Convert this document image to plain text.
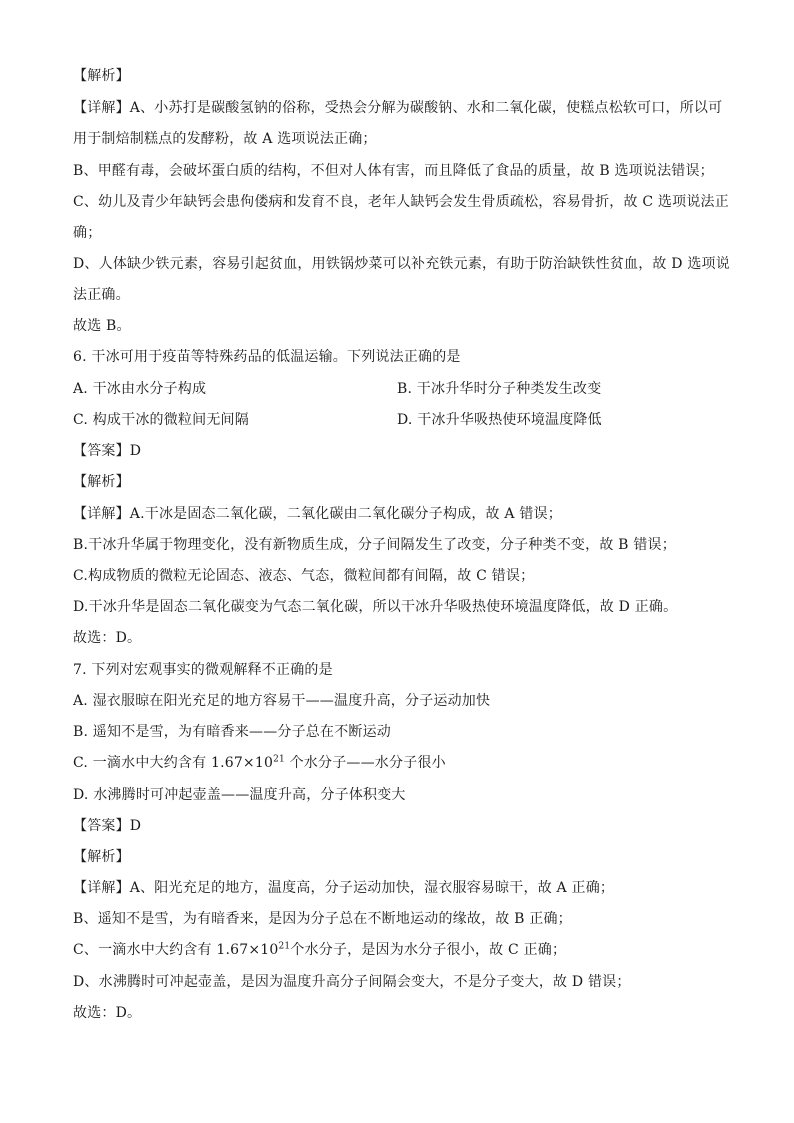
【解析】
【详解】A、小苏打是碳酸氢钠的俗称，受热会分解为碳酸钠、水和二氧化碳，使糕点松软可口，所以可
用于制焙制糕点的发酵粉，故 A 选项说法正确；
B、甲醛有毒，会破坏蛋白质的结构，不但对人体有害，而且降低了食品的质量，故 B 选项说法错误；
C、幼儿及青少年缺钙会患佝偻病和发育不良，老年人缺钙会发生骨质疏松，容易骨折，故 C 选项说法正
确；
D、人体缺少铁元素，容易引起贫血，用铁锅炒菜可以补充铁元素，有助于防治缺铁性贫血，故 D 选项说
法正确。
故选 B。
6. 干冰可用于疫苗等特殊药品的低温运输。下列说法正确的是
A. 干冰由水分子构成	B. 干冰升华时分子种类发生改变
C. 构成干冰的微粒间无间隔	D. 干冰升华吸热使环境温度降低
【答案】D
【解析】
【详解】A.干冰是固态二氧化碳，二氧化碳由二氧化碳分子构成，故 A 错误；
B.干冰升华属于物理变化，没有新物质生成，分子间隔发生了改变，分子种类不变，故 B 错误；
C.构成物质的微粒无论固态、液态、气态，微粒间都有间隔，故 C 错误；
D.干冰升华是固态二氧化碳变为气态二氧化碳，所以干冰升华吸热使环境温度降低，故 D 正确。
故选：D。
7. 下列对宏观事实的微观解释不正确的是
A. 湿衣服晾在阳光充足的地方容易干——温度升高，分子运动加快
B. 遥知不是雪，为有暗香来——分子总在不断运动
C. 一滴水中大约含有 $1.67\times 10^{21}$ 个水分子——水分子很小
D. 水沸腾时可冲起壶盖——温度升高，分子体积变大
【答案】D
【解析】
【详解】A、阳光充足的地方，温度高，分子运动加快，湿衣服容易晾干，故 A 正确；
B、遥知不是雪，为有暗香来，是因为分子总在不断地运动的缘故，故 B 正确；
C、一滴水中大约含有 $1.67\times 10^{21}$个水分子，是因为水分子很小，故 C 正确；
D、水沸腾时可冲起壶盖，是因为温度升高分子间隔会变大，不是分子变大，故 D 错误；
故选：D。
